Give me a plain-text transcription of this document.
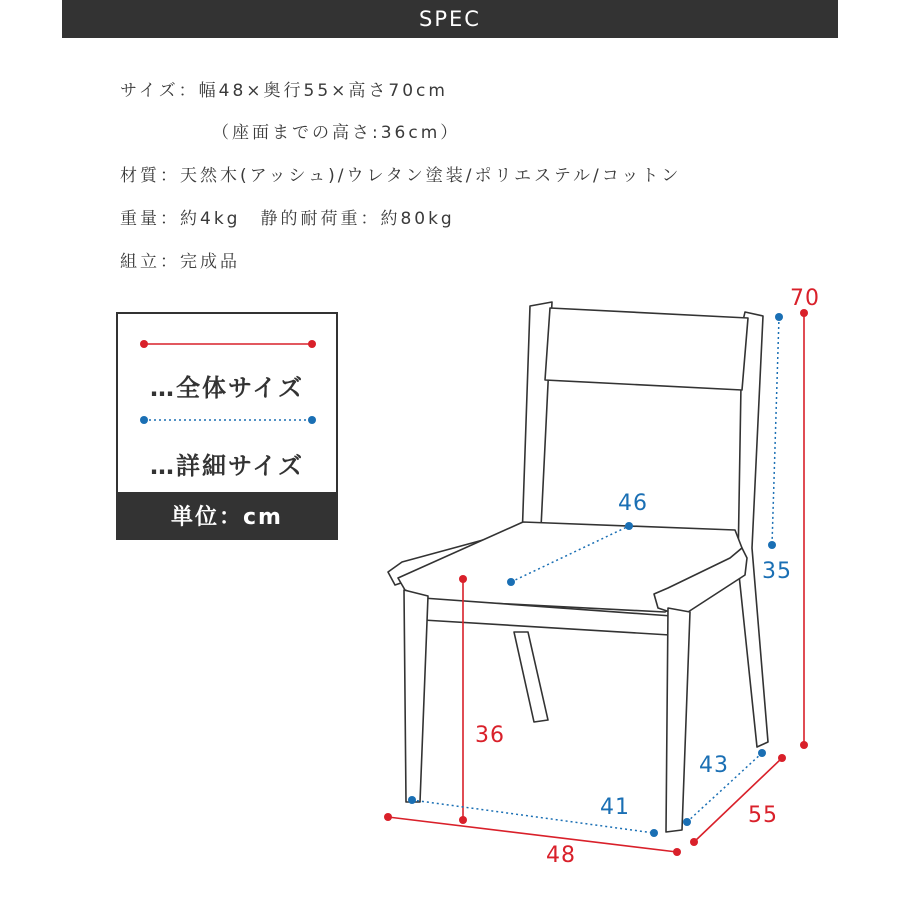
SPEC
サイズ：幅48×奥行55×高さ70cm
（座面までの高さ:36cm）
材質：天然木(アッシュ)/ウレタン塗装/ポリエステル/コットン
重量：約4kg　静的耐荷重：約80kg
組立：完成品
…全体サイズ
…詳細サイズ
単位：cm
70
35
46
36
41
48
43
55
